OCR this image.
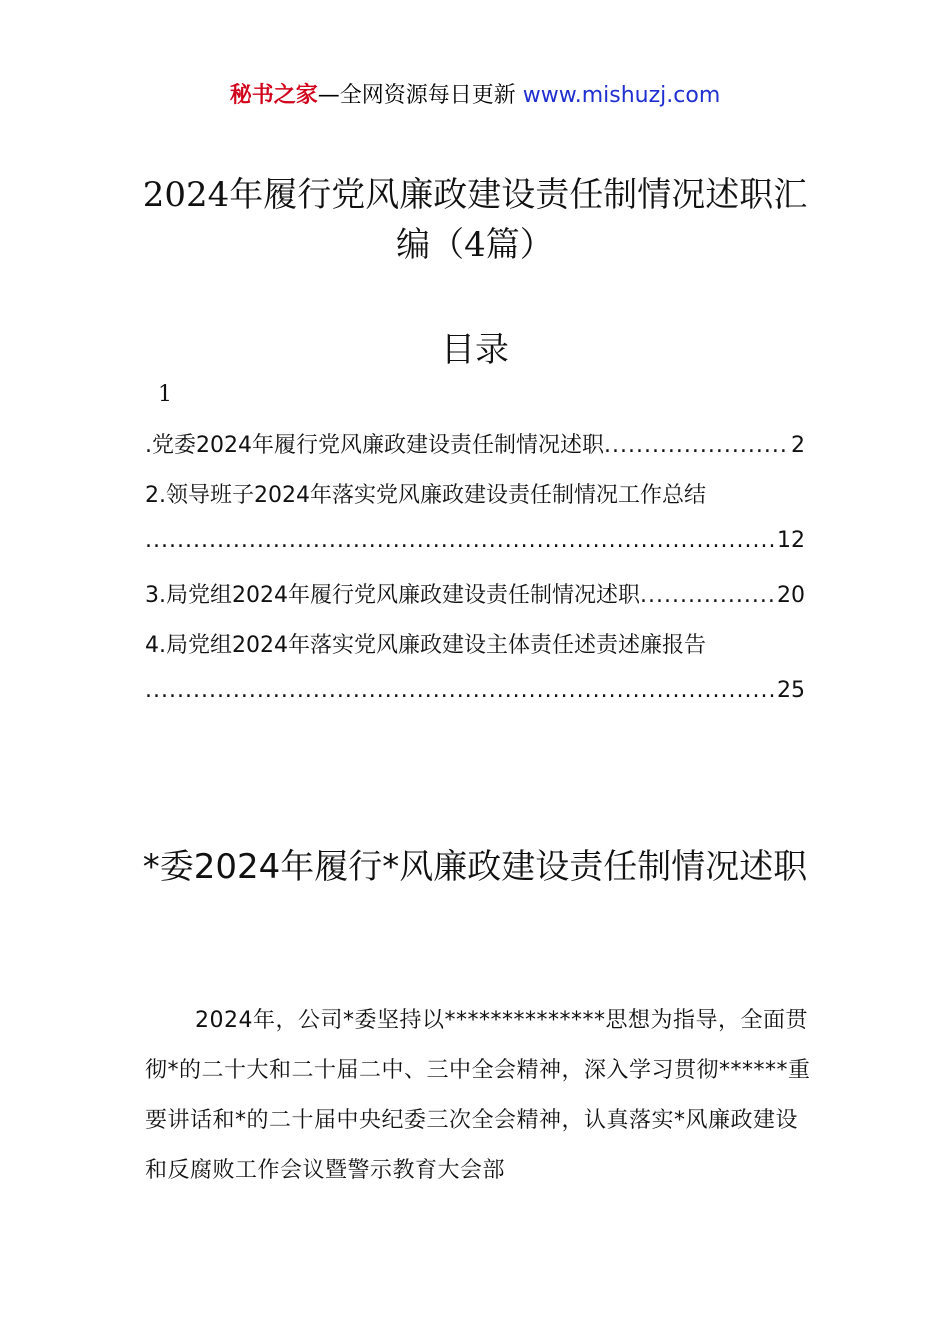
秘书之家—全网资源每日更新 www.mishuzj.com
2024年履行党风廉政建设责任制情况述职汇编（4篇）
目录
1
.党委2024年履行党风廉政建设责任制情况述职 .....	2
2.领导班子2024年落实党风廉政建设责任制情况工作总结
.....
12
3.局党组2024年履行党风廉政建设责任制情况述职 .....	20
4.局党组2024年落实党风廉政建设主体责任述责述廉报告
.....
25
*委2024年履行*风廉政建设责任制情况述职
2024年，公司*委坚持以**************思想为指导，全面贯彻*的二十大和二十届二中、三中全会精神，深入学习贯彻******重要讲话和*的二十届中央纪委三次全会精神，认真落实*风廉政建设和反腐败工作会议暨警示教育大会部
